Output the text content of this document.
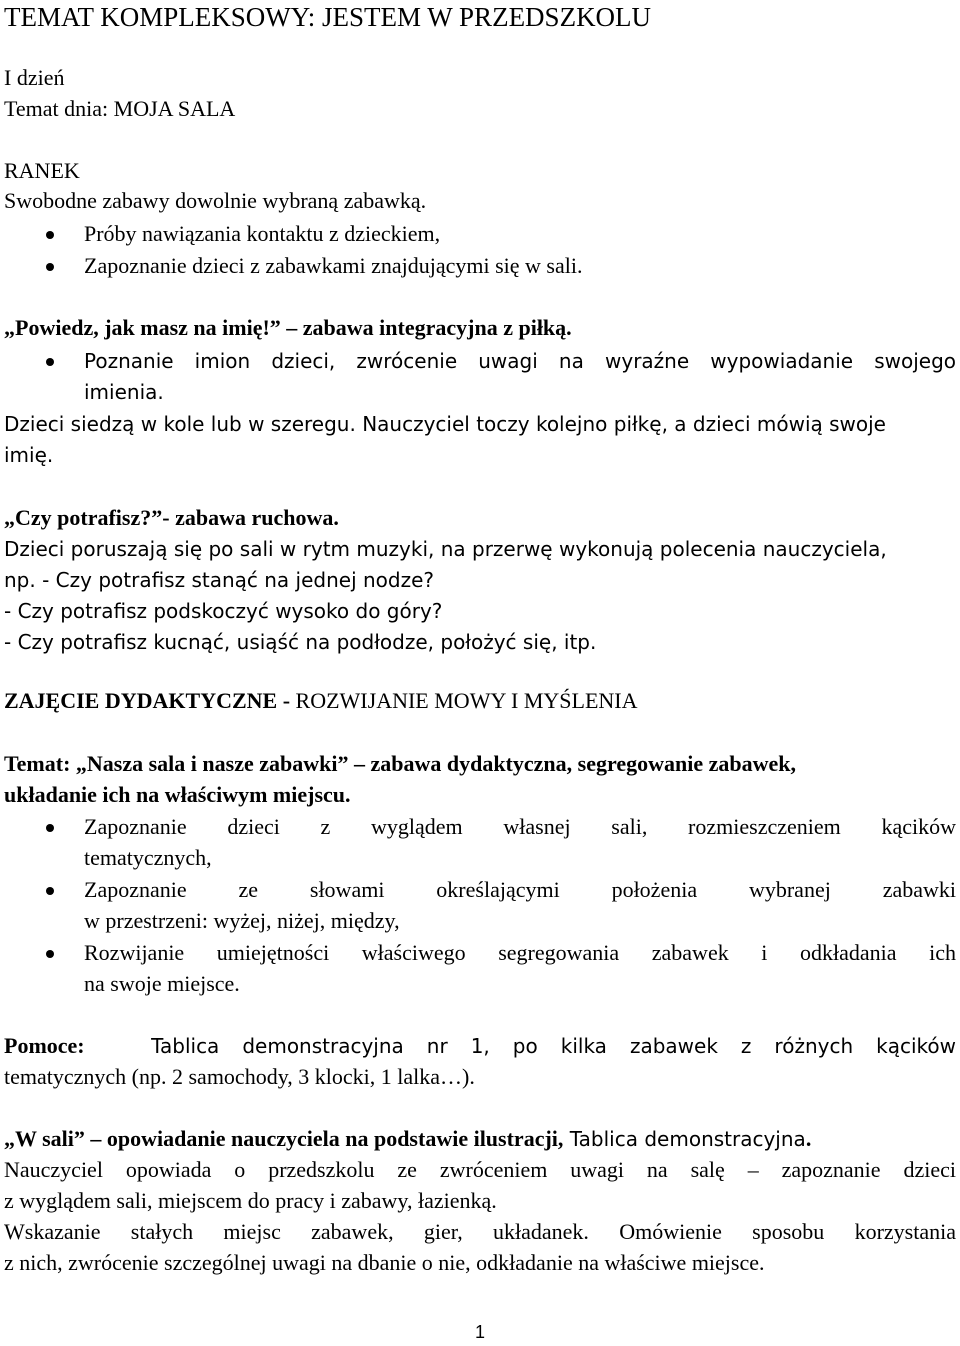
TEMAT KOMPLEKSOWY: JESTEM W PRZEDSZKOLU
I dzień
Temat dnia: MOJA SALA
RANEK
Swobodne zabawy dowolnie wybraną zabawką.
Próby nawiązania kontaktu z dzieckiem,
Zapoznanie dzieci z zabawkami znajdującymi się w sali.
„Powiedz, jak masz na imię!” – zabawa integracyjna z piłką.
Poznanie imion dzieci, zwrócenie uwagi na wyraźne wypowiadanie swojego
imienia.
Dzieci siedzą w kole lub w szeregu. Nauczyciel toczy kolejno piłkę, a dzieci mówią swoje
imię.
„Czy potrafisz?”- zabawa ruchowa.
Dzieci poruszają się po sali w rytm muzyki, na przerwę wykonują polecenia nauczyciela,
np. - Czy potrafisz stanąć na jednej nodze?
- Czy potrafisz podskoczyć wysoko do góry?
- Czy potrafisz kucnąć, usiąść na podłodze, położyć się, itp.
ZAJĘCIE DYDAKTYCZNE - ROZWIJANIE MOWY I MYŚLENIA
Temat: „Nasza sala i nasze zabawki” – zabawa dydaktyczna, segregowanie zabawek,
układanie ich na właściwym miejscu.
Zapoznanie dzieci z wyglądem własnej sali, rozmieszczeniem kącików
tematycznych,
Zapoznanie ze słowami określającymi położenia wybranej zabawki
w przestrzeni: wyżej, niżej, między,
Rozwijanie umiejętności właściwego segregowania zabawek i odkładania ich
na swoje miejsce.
Pomoce:	Tablica demonstracyjna nr 1, po kilka zabawek z różnych kącików
tematycznych (np. 2 samochody, 3 klocki, 1 lalka…).
„W sali” – opowiadanie nauczyciela na podstawie ilustracji, Tablica demonstracyjna.
Nauczyciel opowiada o przedszkolu ze zwróceniem uwagi na salę – zapoznanie dzieci
z wyglądem sali, miejscem do pracy i zabawy, łazienką.
Wskazanie stałych miejsc zabawek, gier, układanek. Omówienie sposobu korzystania
z nich, zwrócenie szczególnej uwagi na dbanie o nie, odkładanie na właściwe miejsce.
1
